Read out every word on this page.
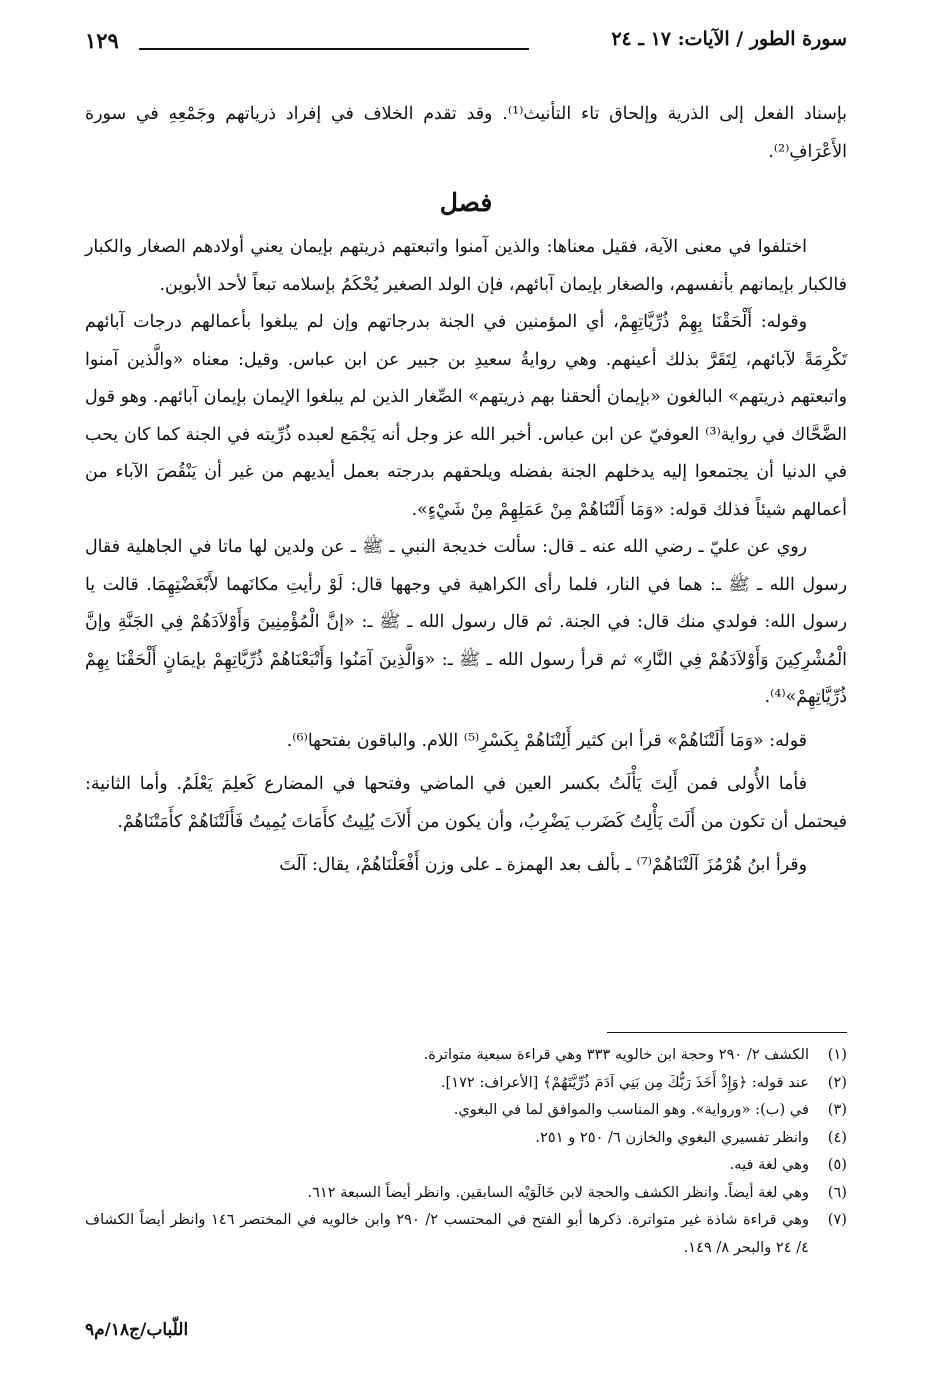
سورة الطور / الآيات: ١٧ ـ ٢٤
١٢٩

بإسناد الفعل إلى الذرية وإلحاق تاء التأنيث⁽¹⁾. وقد تقدم الخلاف في إفراد ذرياتهم وجَمْعِهِ في سورة الأَعْرَافِ⁽²⁾.

فصل

اختلفوا في معنى الآية، فقيل معناها: والذين آمنوا واتبعتهم ذريتهم بإيمان يعني أولادهم الصغار والكبار فالكبار بإيمانهم بأنفسهم، والصغار بإيمان آبائهم، فإن الولد الصغير يُحْكَمُ بإسلامه تبعاً لأحد الأبوين.

وقوله: أَلْحَقْنَا بِهِمْ ذُرِّيَّاتِهِمْ، أي المؤمنين في الجنة بدرجاتهم وإن لم يبلغوا بأعمالهم درجات آبائهم تَكْرِمَةً لآبائهم، لِتَقَرَّ بذلك أعينهم. وهي روايةُ سعيدِ بن جبير عن ابن عباس. وقيل: معناه «والَّذين آمنوا واتبعتهم ذريتهم» البالغون «بإيمان ألحقنا بهم ذريتهم» الصِّغار الذين لم يبلغوا الإيمان بإيمان آبائهم. وهو قول الضَّحَّاك في رواية⁽³⁾ العوفيّ عن ابن عباس. أخبر الله عز وجل أنه يَجْمَع لعبده ذُرِّيته في الجنة كما كان يحب في الدنيا أن يجتمعوا إليه يدخلهم الجنة بفضله ويلحقهم بدرجته بعمل أيديهم من غير أن يَنْقُصَ الآباء من أعمالهم شيئاً فذلك قوله: «وَمَا أَلَتْنَاهُمْ مِنْ عَمَلِهِمْ مِنْ شَيْءٍ».

روي عن عليّ ـ رضي الله عنه ـ قال: سألت خديجة النبي ـ ﷺ ـ عن ولدين لها ماتا في الجاهلية فقال رسول الله ـ ﷺ ـ: هما في النار، فلما رأى الكراهية في وجهها قال: لَوْ رأيتِ مكانَهما لأَبْغَضْتِهِمَا. قالت يا رسول الله: فولدي منك قال: في الجنة. ثم قال رسول الله ـ ﷺ ـ: «إنَّ الْمُؤْمِنِينَ وَأَوْلاَدَهُمْ فِي الجَنَّةِ وإنَّ الْمُشْرِكِينَ وَأَوْلاَدَهُمْ فِي النَّارِ» ثم قرأ رسول الله ـ ﷺ ـ: «وَالَّذِينَ آمَنُوا وَأَتْبَعْنَاهُمْ ذُرِّيَّاتِهِمْ بإيمَانٍ أَلْحَقْنَا بِهِمْ ذُرِّيَّاتِهِمْ»⁽⁴⁾.

قوله: «وَمَا أَلَتْنَاهُمْ» قرأ ابن كثير أَلِتْنَاهُمْ بِكَسْرِ⁽⁵⁾ اللام. والباقون بفتحها⁽⁶⁾.

فأما الأُولى فمن أَلِتَ يَأْلَتُ بكسر العين في الماضي وفتحها في المضارع كَعلِمَ يَعْلَمُ. وأما الثانية: فيحتمل أن تكون من أَلَتَ يَأْلِتُ كَضَرب يَضْرِبُ، وأن يكون من أَلاَتَ يُلِيتُ كأَمَاتَ يُمِيتُ فَأَلَتْنَاهُمْ كأَمَتْنَاهُمْ.

وقرأ ابنُ هُرْمُزَ آلَتْنَاهُمْ⁽⁷⁾ ـ بألف بعد الهمزة ـ على وزن أَفْعَلْنَاهُمْ، يقال: آلَتَ

(١)
الكشف ٢/ ٢٩٠ وحجة ابن خالويه ٣٣٣ وهي قراءة سبعية متواترة.
(٢)
عند قوله: ﴿وَإِذْ أَخَذَ رَبُّكَ مِن بَنِي آدَمَ ذُرِّيَّتَهُمْ﴾ [الأعراف: ١٧٢].
(٣)
في (ب): «ورواية». وهو المناسب والموافق لما في البغوي.
(٤)
وانظر تفسيري البغوي والخازن ٦/ ٢٥٠ و ٢٥١.
(٥)
وهي لغة فيه.
(٦)
وهي لغة أيضاً. وانظر الكشف والحجة لابن خَالَوَيْه السابقين. وانظر أيضاً السبعة ٦١٢.
(٧)
وهي قراءة شاذة غير متواترة. ذكرها أبو الفتح في المحتسب ٢/ ٢٩٠ وابن خالويه في المختصر ١٤٦ وانظر أيضاً الكشاف ٤/ ٢٤ والبحر ٨/ ١٤٩.
اللّباب/ج١٨/م٩
